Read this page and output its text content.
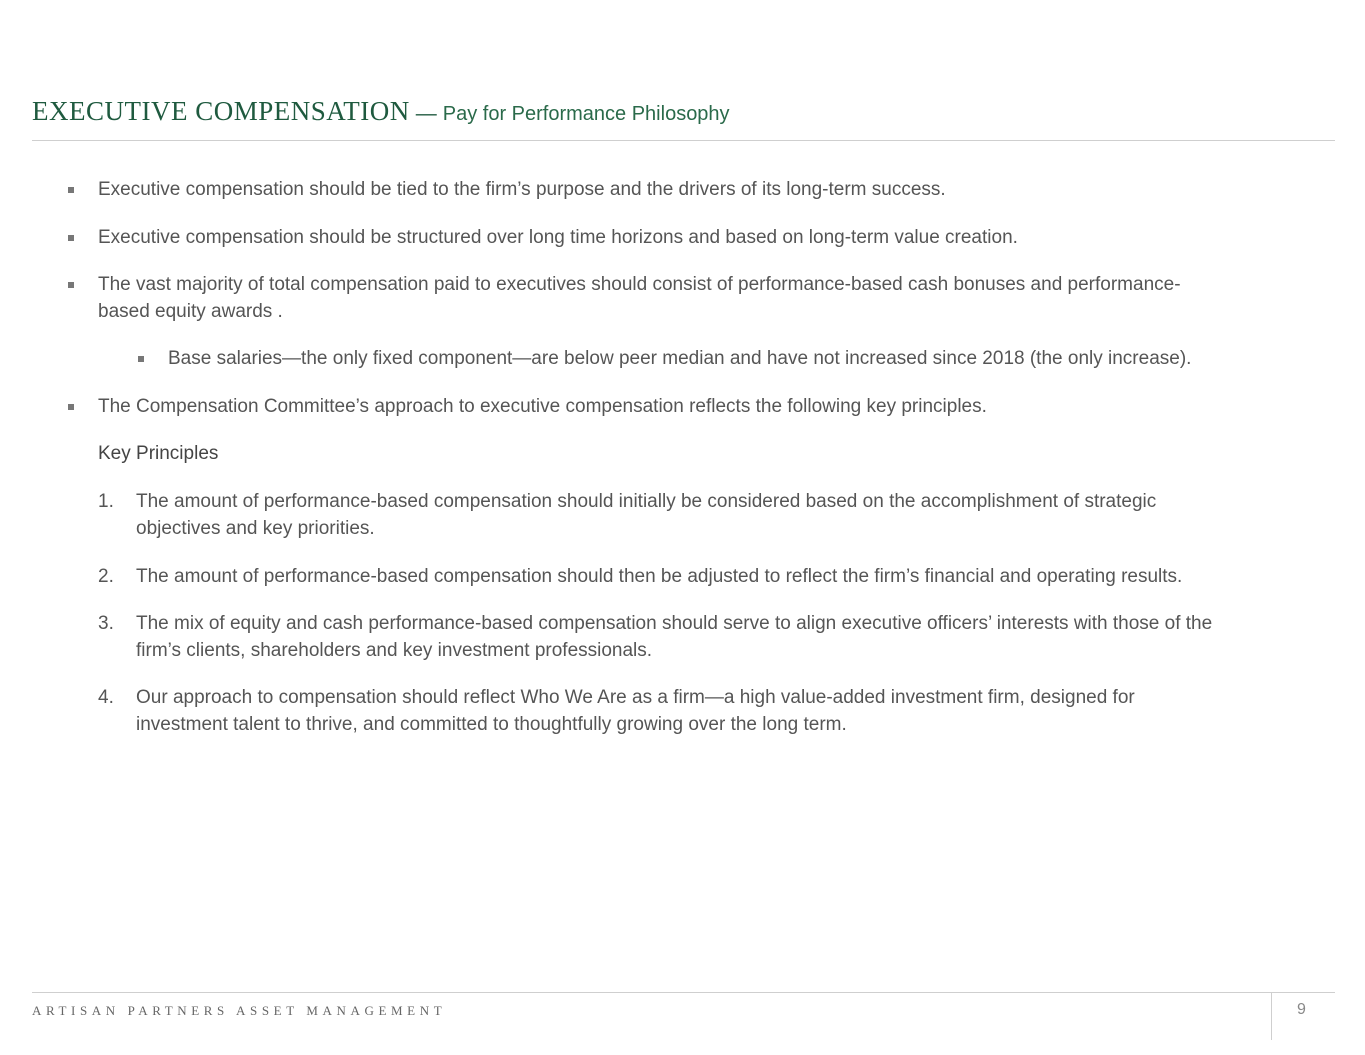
EXECUTIVE COMPENSATION — Pay for Performance Philosophy
Executive compensation should be tied to the firm’s purpose and the drivers of its long-term success.
Executive compensation should be structured over long time horizons and based on long-term value creation.
The vast majority of total compensation paid to executives should consist of performance-based cash bonuses and performance-
based equity awards .
Base salaries—the only fixed component—are below peer median and have not increased since 2018 (the only increase).
The Compensation Committee’s approach to executive compensation reflects the following key principles.
Key Principles
1. The amount of performance-based compensation should initially be considered based on the accomplishment of strategic
objectives and key priorities.
2. The amount of performance-based compensation should then be adjusted to reflect the firm’s financial and operating results.
3. The mix of equity and cash performance-based compensation should serve to align executive officers’ interests with those of the
firm’s clients, shareholders and key investment professionals.
4. Our approach to compensation should reflect Who We Are as a firm—a high value-added investment firm, designed for
investment talent to thrive, and committed to thoughtfully growing over the long term.
ARTISAN PARTNERS ASSET MANAGEMENT	9
